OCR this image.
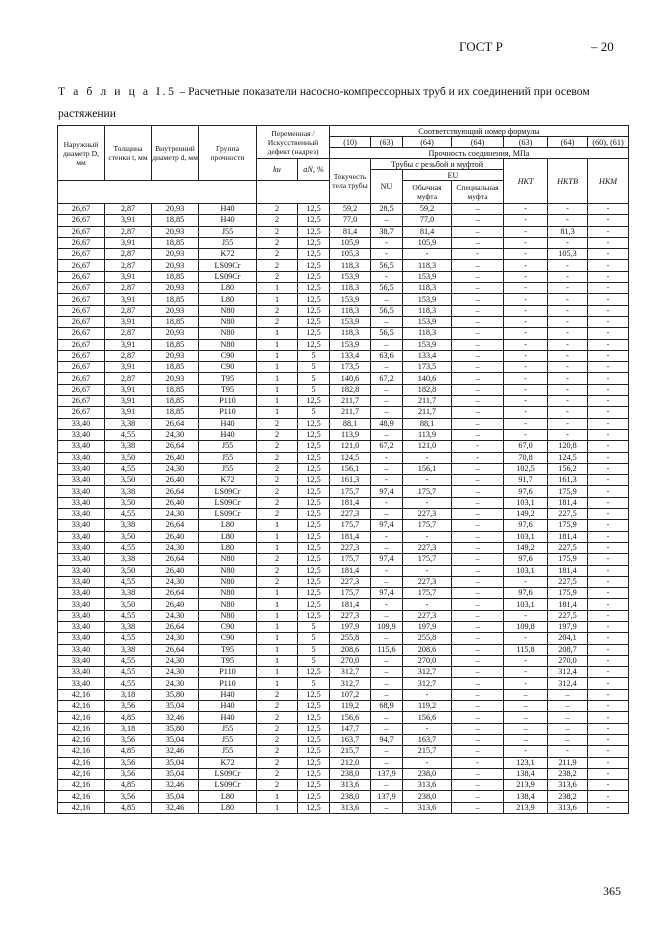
ГОСТ Р	– 20
Т а б л и ц а I.5 – Расчетные показатели насосно-компрессорных труб и их соединений при осевом растяжении
Наружный диаметр D, мм	Толщина стенки t, мм	Внутренний диаметр d, мм	Группа прочности	Переменная /Искусственный дефект (надрез)		Соответствующий номер формулы						
						(10)	(63)	(64)	(64)	(63)	(64)	(60), (61)
						Прочность соединения, МПа						
				kн	aN, %	Текучесть тела трубы	Трубы с резьбой и муфтой			НКТ	НКТВ	НКМ
							NU	EU				
								Обычная муфта	Специальная муфта			
26,67	2,87	20,93	H40	2	12,5	59,2	28,5	59,2	–	-	-	-
26,67	3,91	18,85	H40	2	12,5	77,0	–	77,0	–	-	-	-
26,67	2,87	20,93	J55	2	12,5	81,4	38,7	81,4	–	-	81,3	-
26,67	3,91	18,85	J55	2	12,5	105,9	-	105,9	–	-	-	-
26,67	2,87	20,93	K72	2	12,5	105,3	-	-	-	-	105,3	-
26,67	2,87	20,93	LS09Cr	2	12,5	118,3	56,5	118,3	–	-	-	-
26,67	3,91	18,85	LS09Cr	2	12,5	153,9	-	153,9	–	-	-	-
26,67	2,87	20,93	L80	1	12,5	118,3	56,5	118,3	–	-	-	-
26,67	3,91	18,85	L80	1	12,5	153,9	–	153,9	–	-	-	-
26,67	2,87	20,93	N80	2	12,5	118,3	56,5	118,3	–	-	-	-
26,67	3,91	18,85	N80	2	12,5	153,9	–	153,9	–	-	-	-
26,67	2,87	20,93	N80	1	12,5	118,3	56,5	118,3	–	-	-	-
26,67	3,91	18,85	N80	1	12,5	153,9	–	153,9	–	-	-	-
26,67	2,87	20,93	C90	1	5	133,4	63,6	133,4	–	-	-	-
26,67	3,91	18,85	C90	1	5	173,5	–	173,5	–	-	-	-
26,67	2,87	20,93	T95	1	5	140,6	67,2	140,6	–	-	-	-
26,67	3,91	18,85	T95	1	5	182,8	–	182,8	–	-	-	-
26,67	3,91	18,85	P110	1	12,5	211,7	–	211,7	–	-	-	-
26,67	3,91	18,85	P110	1	5	211,7	–	211,7	–	-	-	-
33,40	3,38	26,64	H40	2	12,5	88,1	48,9	88,1	–	-	-	-
33,40	4,55	24,30	H40	2	12,5	113,9	–	113,9	–	-	-	-
33,40	3,38	26,64	J55	2	12,5	121,0	67,2	121,0	-	67,0	120,8	-
33,40	3,50	26,40	J55	2	12,5	124,5	-	-	-	70,8	124,5	-
33,40	4,55	24,30	J55	2	12,5	156,1	–	156,1	–	102,5	156,2	-
33,40	3,50	26,40	K72	2	12,5	161,3	-	-	–	91,7	161,3	-
33,40	3,38	26,64	LS09Cr	2	12,5	175,7	97,4	175,7	–	97,6	175,9	-
33,40	3,50	26,40	LS09Cr	2	12,5	181,4	-	-	–	103,1	181,4	-
33,40	4,55	24,30	LS09Cr	2	12,5	227,3	–	227,3	–	149,2	227,5	-
33,40	3,38	26,64	L80	1	12,5	175,7	97,4	175,7	–	97,6	175,9	-
33,40	3,50	26,40	L80	1	12,5	181,4	-	-	–	103,1	181,4	-
33,40	4,55	24,30	L80	1	12,5	227,3	–	227,3	–	149,2	227,5	-
33,40	3,38	26,64	N80	2	12,5	175,7	97,4	175,7	–	97,6	175,9	-
33,40	3,50	26,40	N80	2	12,5	181,4	-	-	–	103,1	181,4	-
33,40	4,55	24,30	N80	2	12,5	227,3	–	227,3	–	-	227,5	-
33,40	3,38	26,64	N80	1	12,5	175,7	97,4	175,7	–	97,6	175,9	-
33,40	3,50	26,40	N80	1	12,5	181,4	-	-	–	103,1	181,4	-
33,40	4,55	24,30	N80	1	12,5	227,3	–	227,3	–	-	227,5	-
33,40	3,38	26,64	C90	1	5	197,9	109,9	197,9	–	109,8	197,9	-
33,40	4,55	24,30	C90	1	5	255,8	–	255,8	–	-	204,1	-
33,40	3,38	26,64	T95	1	5	208,6	115,6	208,6	–	115,8	208,7	-
33,40	4,55	24,30	T95	1	5	270,0	–	270,0	–	-	270,0	-
33,40	4,55	24,30	P110	1	12,5	312,7	–	312,7	–	-	312,4	-
33,40	4,55	24,30	P110	1	5	312,7	–	312,7	–	-	312,4	-
42,16	3,18	35,80	H40	2	12,5	107,2	–	-	–	–	–	-
42,16	3,56	35,04	H40	2	12,5	119,2	68,9	119,2	–	–	–	-
42,16	4,85	32,46	H40	2	12,5	156,6	–	156,6	–	–	–	-
42,16	3,18	35,80	J55	2	12,5	147,7	–	-	–	–	–	-
42,16	3,56	35,04	J55	2	12,5	163,7	94,7	163,7	–	–	–	-
42,16	4,85	32,46	J55	2	12,5	215,7	–	215,7	–	-	-	-
42,16	3,56	35,04	K72	2	12,5	212,0	–	-	-	123,1	211,9	-
42,16	3,56	35,04	LS09Cr	2	12,5	238,0	137,9	238,0	–	138,4	238,2	-
42,16	4,85	32,46	LS09Cr	2	12,5	313,6	–	313,6	–	213,9	313,6	-
42,16	3,56	35,04	L80	1	12,5	238,0	137,9	238,0	–	138,4	238,2	-
42,16	4,85	32,46	L80	1	12,5	313,6	–	313,6	–	213,9	313,6	-
365
